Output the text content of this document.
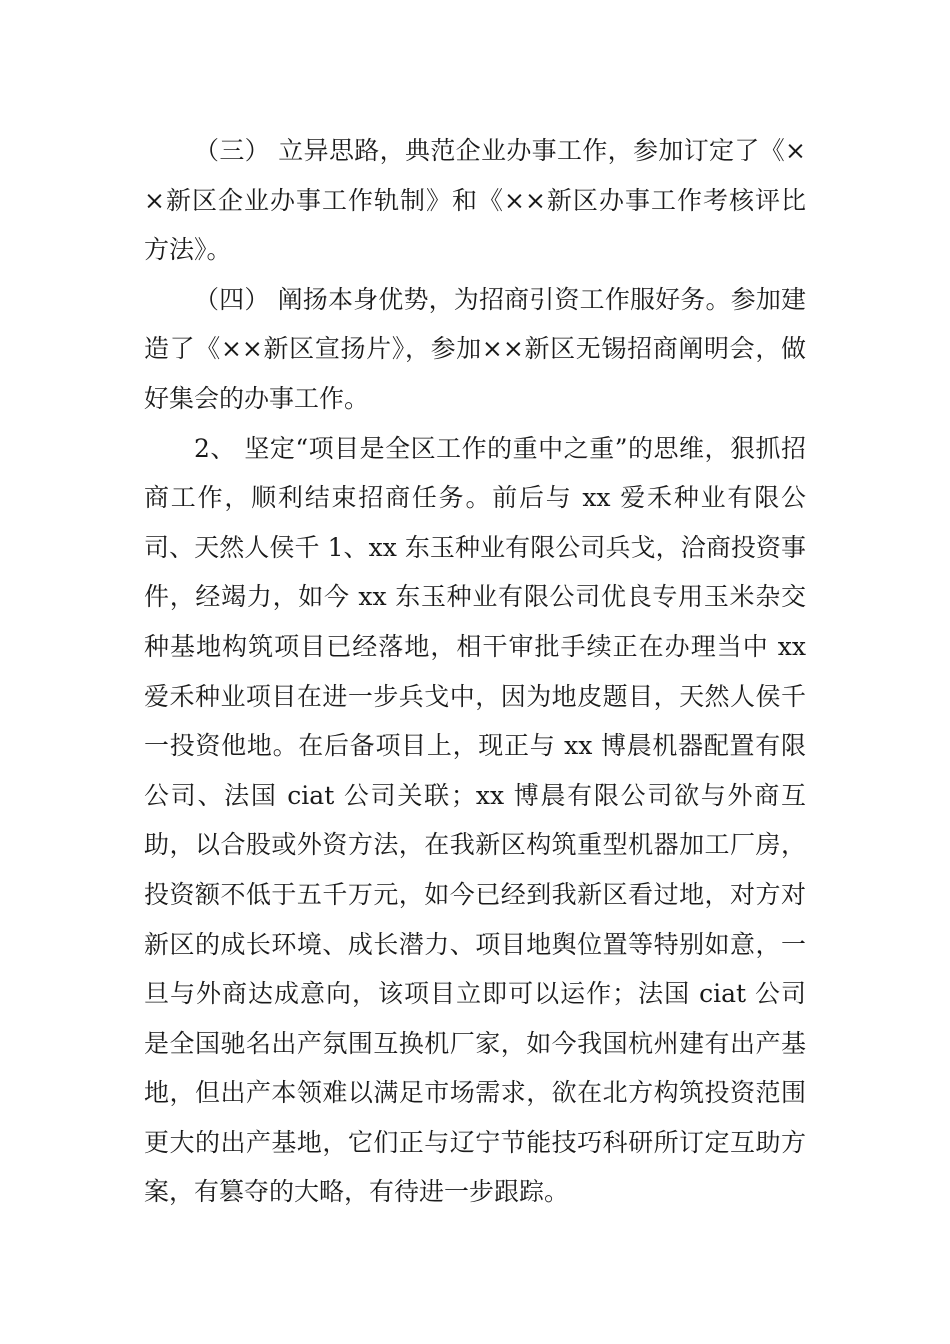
（三） 立异思路，典范企业办事工作，参加订定了《××新区企业办事工作轨制》和《××新区办事工作考核评比方法》。

（四） 阐扬本身优势，为招商引资工作服好务。参加建造了《××新区宣扬片》，参加××新区无锡招商阐明会，做好集会的办事工作。

2、 坚定“项目是全区工作的重中之重”的思维，狠抓招商工作，顺利结束招商任务。前后与 xx 爱禾种业有限公司、天然人侯千 1、xx 东玉种业有限公司兵戈，洽商投资事件，经竭力，如今 xx 东玉种业有限公司优良专用玉米杂交种基地构筑项目已经落地，相干审批手续正在办理当中 xx 爱禾种业项目在进一步兵戈中，因为地皮题目，天然人侯千一投资他地。在后备项目上，现正与 xx 博晨机器配置有限公司、法国 ciat 公司关联；xx 博晨有限公司欲与外商互助，以合股或外资方法，在我新区构筑重型机器加工厂房，投资额不低于五千万元，如今已经到我新区看过地，对方对新区的成长环境、成长潜力、项目地舆位置等特别如意，一旦与外商达成意向，该项目立即可以运作；法国 ciat 公司是全国驰名出产氛围互换机厂家，如今我国杭州建有出产基地，但出产本领难以满足市场需求，欲在北方构筑投资范围更大的出产基地，它们正与辽宁节能技巧科研所订定互助方案，有篡夺的大略，有待进一步跟踪。
